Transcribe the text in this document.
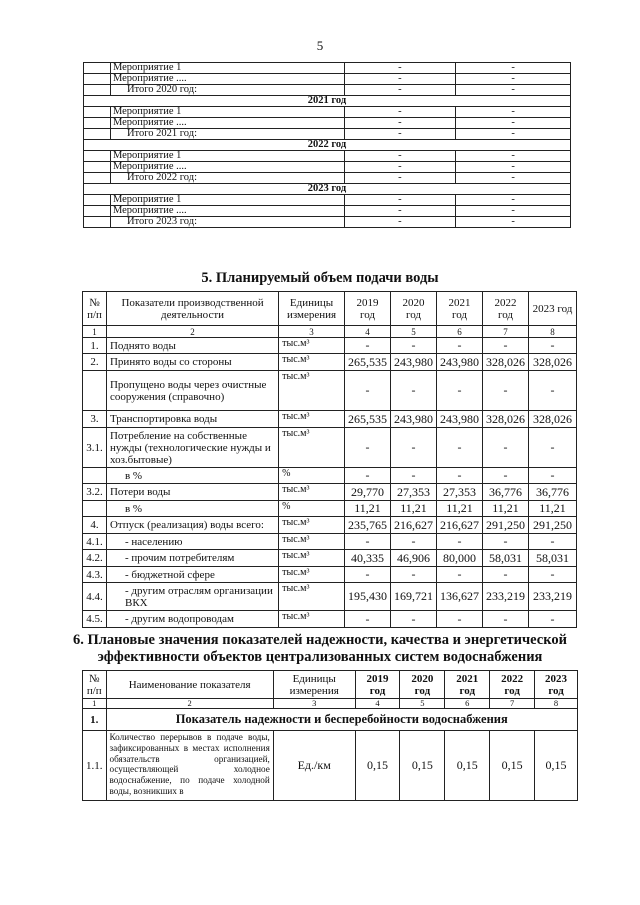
5
	Мероприятие 1	-	-
	Мероприятие ....	-	-
	Итого 2020 год:	-	-
2021 год			
	Мероприятие 1	-	-
	Мероприятие ....	-	-
	Итого 2021 год:	-	-
2022 год			
	Мероприятие 1	-	-
	Мероприятие ....	-	-
	Итого 2022 год:	-	-
2023 год			
	Мероприятие 1	-	-
	Мероприятие ....	-	-
	Итого 2023 год:	-	-
5. Планируемый объем подачи воды
№ п/п	Показатели производственной деятельности	Единицы измерения	2019 год	2020 год	2021 год	2022 год	2023 год
1	2	3	4	5	6	7	8
1.	Поднято воды	тыс.м³	-	-	-	-	-
2.	Принято воды со стороны	тыс.м³	265,535	243,980	243,980	328,026	328,026
	Пропущено воды через очистные сооружения (справочно)	тыс.м³	-	-	-	-	-
3.	Транспортировка воды	тыс.м³	265,535	243,980	243,980	328,026	328,026
3.1.	Потребление на собственные нужды (технологические нужды и хоз.бытовые)	тыс.м³	-	-	-	-	-
	в %	%	-	-	-	-	-
3.2.	Потери воды	тыс.м³	29,770	27,353	27,353	36,776	36,776
	в %	%	11,21	11,21	11,21	11,21	11,21
4.	Отпуск (реализация) воды всего:	тыс.м³	235,765	216,627	216,627	291,250	291,250
4.1.	- населению	тыс.м³	-	-	-	-	-
4.2.	- прочим потребителям	тыс.м³	40,335	46,906	80,000	58,031	58,031
4.3.	- бюджетной сфере	тыс.м³	-	-	-	-	-
4.4.	- другим отраслям организации ВКХ	тыс.м³	195,430	169,721	136,627	233,219	233,219
4.5.	- другим водопроводам	тыс.м³	-	-	-	-	-
6. Плановые значения показателей надежности, качества и энергетической
эффективности объектов централизованных систем водоснабжения
№ п/п	Наименование показателя	Единицы измерения	2019 год	2020 год	2021 год	2022 год	2023 год
1	2	3	4	5	6	7	8
1.	Показатель надежности и бесперебойности водоснабжения						
1.1.	Количество перерывов в подаче воды, зафиксированных в местах исполнения обязательств организацией, осуществляющей холодное водоснабжение, по подаче холодной воды, возникших в	Ед./км	0,15	0,15	0,15	0,15	0,15
